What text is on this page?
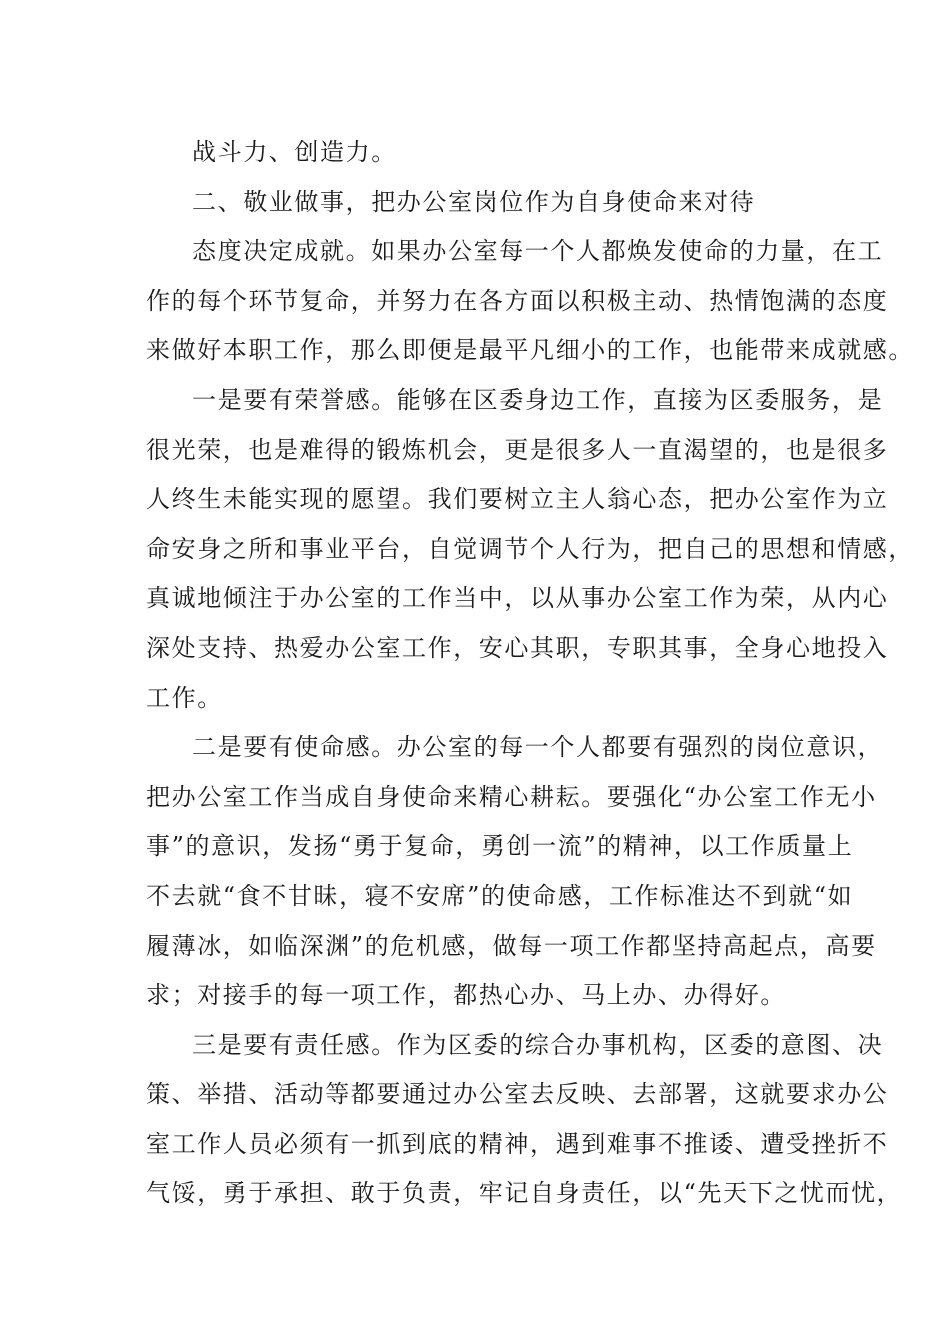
战斗力、创造力。
二、敬业做事，把办公室岗位作为自身使命来对待
态度决定成就。如果办公室每一个人都焕发使命的力量，在工
作的每个环节复命，并努力在各方面以积极主动、热情饱满的态度
来做好本职工作，那么即便是最平凡细小的工作，也能带来成就感。
一是要有荣誉感。能够在区委身边工作，直接为区委服务，是
很光荣，也是难得的锻炼机会，更是很多人一直渴望的，也是很多
人终生未能实现的愿望。我们要树立主人翁心态，把办公室作为立
命安身之所和事业平台，自觉调节个人行为，把自己的思想和情感，
真诚地倾注于办公室的工作当中，以从事办公室工作为荣，从内心
深处支持、热爱办公室工作，安心其职，专职其事，全身心地投入
工作。
二是要有使命感。办公室的每一个人都要有强烈的岗位意识，
把办公室工作当成自身使命来精心耕耘。要强化“办公室工作无小
事”的意识，发扬“勇于复命，勇创一流”的精神，以工作质量上
不去就“食不甘昧，寝不安席”的使命感，工作标准达不到就“如
履薄冰，如临深渊”的危机感，做每一项工作都坚持高起点，高要
求；对接手的每一项工作，都热心办、马上办、办得好。
三是要有责任感。作为区委的综合办事机构，区委的意图、决
策、举措、活动等都要通过办公室去反映、去部署，这就要求办公
室工作人员必须有一抓到底的精神，遇到难事不推诿、遭受挫折不
气馁，勇于承担、敢于负责，牢记自身责任，以“先天下之忧而忧，
